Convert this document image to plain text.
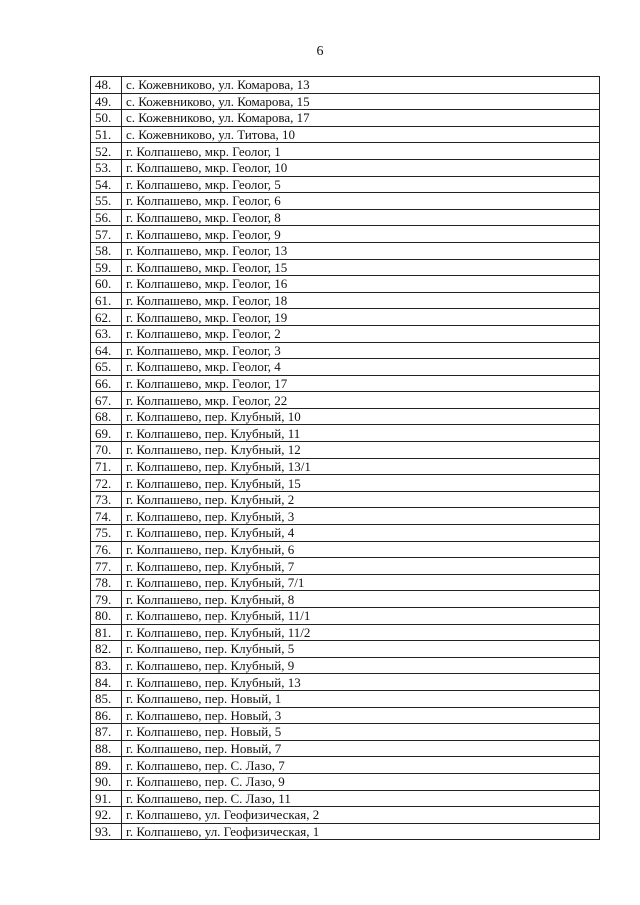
6
48.	с. Кожевниково, ул. Комарова, 13
49.	с. Кожевниково, ул. Комарова, 15
50.	с. Кожевниково, ул. Комарова, 17
51.	с. Кожевниково, ул. Титова, 10
52.	г. Колпашево, мкр. Геолог, 1
53.	г. Колпашево, мкр. Геолог, 10
54.	г. Колпашево, мкр. Геолог, 5
55.	г. Колпашево, мкр. Геолог, 6
56.	г. Колпашево, мкр. Геолог, 8
57.	г. Колпашево, мкр. Геолог, 9
58.	г. Колпашево, мкр. Геолог, 13
59.	г. Колпашево, мкр. Геолог, 15
60.	г. Колпашево, мкр. Геолог, 16
61.	г. Колпашево, мкр. Геолог, 18
62.	г. Колпашево, мкр. Геолог, 19
63.	г. Колпашево, мкр. Геолог, 2
64.	г. Колпашево, мкр. Геолог, 3
65.	г. Колпашево, мкр. Геолог, 4
66.	г. Колпашево, мкр. Геолог, 17
67.	г. Колпашево, мкр. Геолог, 22
68.	г. Колпашево, пер. Клубный, 10
69.	г. Колпашево, пер. Клубный, 11
70.	г. Колпашево, пер. Клубный, 12
71.	г. Колпашево, пер. Клубный, 13/1
72.	г. Колпашево, пер. Клубный, 15
73.	г. Колпашево, пер. Клубный, 2
74.	г. Колпашево, пер. Клубный, 3
75.	г. Колпашево, пер. Клубный, 4
76.	г. Колпашево, пер. Клубный, 6
77.	г. Колпашево, пер. Клубный, 7
78.	г. Колпашево, пер. Клубный, 7/1
79.	г. Колпашево, пер. Клубный, 8
80.	г. Колпашево, пер. Клубный, 11/1
81.	г. Колпашево, пер. Клубный, 11/2
82.	г. Колпашево, пер. Клубный, 5
83.	г. Колпашево, пер. Клубный, 9
84.	г. Колпашево, пер. Клубный, 13
85.	г. Колпашево, пер. Новый, 1
86.	г. Колпашево, пер. Новый, 3
87.	г. Колпашево, пер. Новый, 5
88.	г. Колпашево, пер. Новый, 7
89.	г. Колпашево, пер. С. Лазо, 7
90.	г. Колпашево, пер. С. Лазо, 9
91.	г. Колпашево, пер. С. Лазо, 11
92.	г. Колпашево, ул. Геофизическая, 2
93.	г. Колпашево, ул. Геофизическая, 1
